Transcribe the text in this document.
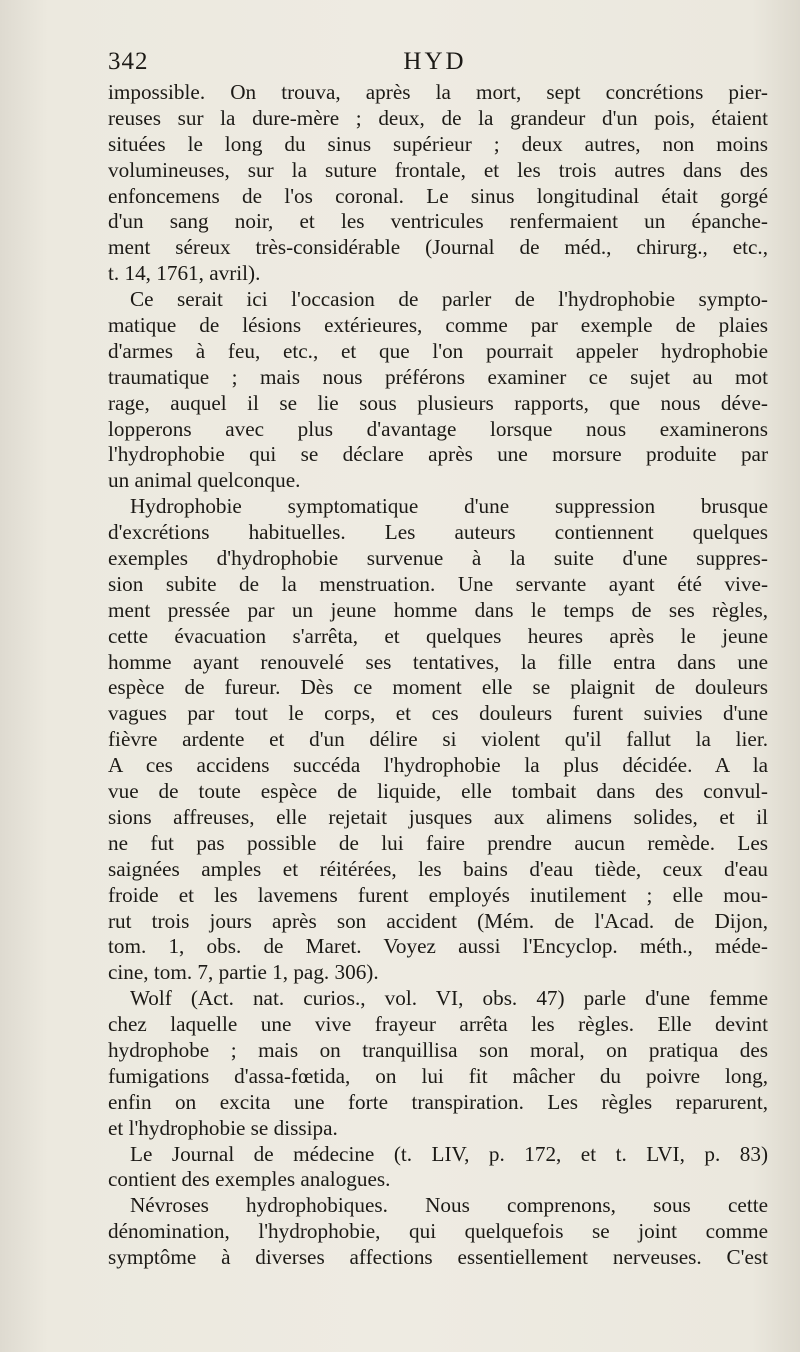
342	HYD
impossible. On trouva, après la mort, sept concrétions pier-
reuses sur la dure-mère ; deux, de la grandeur d'un pois, étaient
situées le long du sinus supérieur ; deux autres, non moins
volumineuses, sur la suture frontale, et les trois autres dans des
enfoncemens de l'os coronal. Le sinus longitudinal était gorgé
d'un sang noir, et les ventricules renfermaient un épanche-
ment séreux très-considérable (Journal de méd., chirurg., etc.,
t. 14, 1761, avril).
Ce serait ici l'occasion de parler de l'hydrophobie sympto-
matique de lésions extérieures, comme par exemple de plaies
d'armes à feu, etc., et que l'on pourrait appeler hydrophobie
traumatique ; mais nous préférons examiner ce sujet au mot
rage, auquel il se lie sous plusieurs rapports, que nous déve-
lopperons avec plus d'avantage lorsque nous examinerons
l'hydrophobie qui se déclare après une morsure produite par
un animal quelconque.
Hydrophobie symptomatique d'une suppression brusque
d'excrétions habituelles. Les auteurs contiennent quelques
exemples d'hydrophobie survenue à la suite d'une suppres-
sion subite de la menstruation. Une servante ayant été vive-
ment pressée par un jeune homme dans le temps de ses règles,
cette évacuation s'arrêta, et quelques heures après le jeune
homme ayant renouvelé ses tentatives, la fille entra dans une
espèce de fureur. Dès ce moment elle se plaignit de douleurs
vagues par tout le corps, et ces douleurs furent suivies d'une
fièvre ardente et d'un délire si violent qu'il fallut la lier.
A ces accidens succéda l'hydrophobie la plus décidée. A la
vue de toute espèce de liquide, elle tombait dans des convul-
sions affreuses, elle rejetait jusques aux alimens solides, et il
ne fut pas possible de lui faire prendre aucun remède. Les
saignées amples et réitérées, les bains d'eau tiède, ceux d'eau
froide et les lavemens furent employés inutilement ; elle mou-
rut trois jours après son accident (Mém. de l'Acad. de Dijon,
tom. 1, obs. de Maret. Voyez aussi l'Encyclop. méth., méde-
cine, tom. 7, partie 1, pag. 306).
Wolf (Act. nat. curios., vol. VI, obs. 47) parle d'une femme
chez laquelle une vive frayeur arrêta les règles. Elle devint
hydrophobe ; mais on tranquillisa son moral, on pratiqua des
fumigations d'assa-fœtida, on lui fit mâcher du poivre long,
enfin on excita une forte transpiration. Les règles reparurent,
et l'hydrophobie se dissipa.
Le Journal de médecine (t. LIV, p. 172, et t. LVI, p. 83)
contient des exemples analogues.
Névroses hydrophobiques. Nous comprenons, sous cette
dénomination, l'hydrophobie, qui quelquefois se joint comme
symptôme à diverses affections essentiellement nerveuses. C'est
